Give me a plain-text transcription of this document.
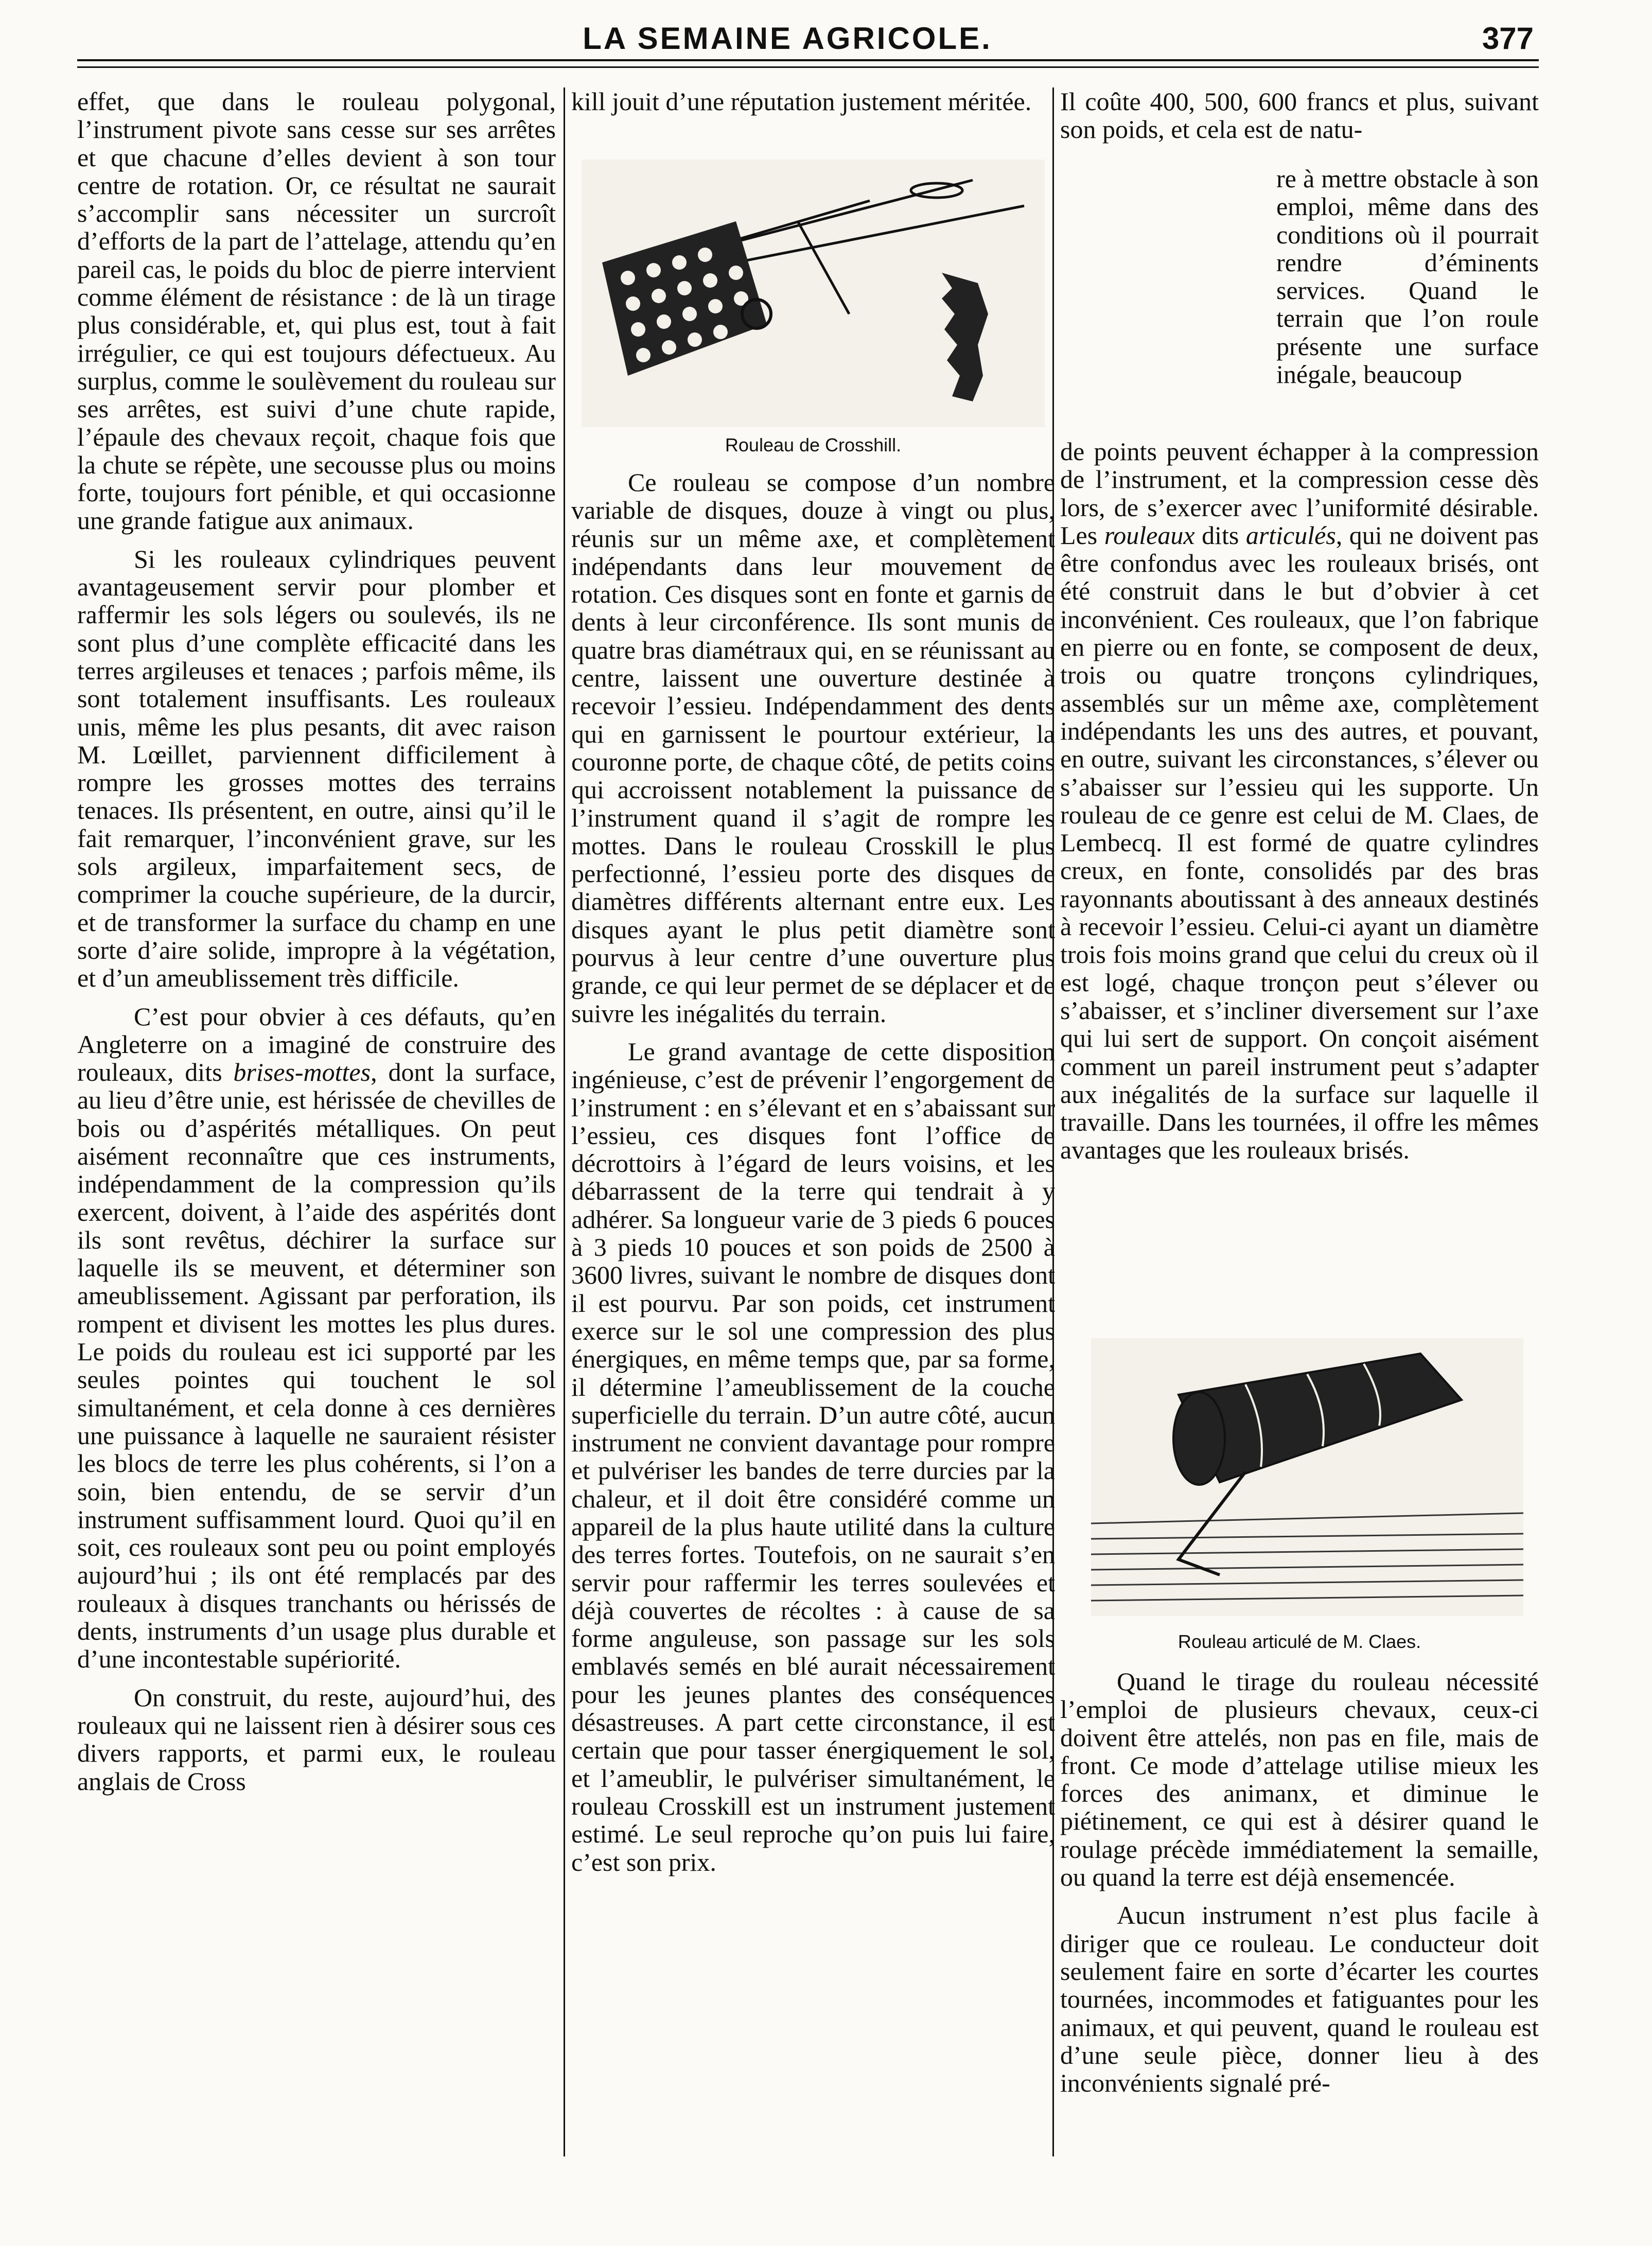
LA SEMAINE AGRICOLE.	377

effet, que dans le rouleau polygonal, l’instrument pivote sans cesse sur ses arrêtes et que chacune d’elles devient à son tour centre de rotation. Or, ce résultat ne saurait s’accomplir sans nécessiter un surcroît d’efforts de la part de l’attelage, attendu qu’en pareil cas, le poids du bloc de pierre intervient comme élément de résistance : de là un tirage plus considérable, et, qui plus est, tout à fait irrégulier, ce qui est toujours défectueux. Au surplus, comme le soulèvement du rouleau sur ses arrêtes, est suivi d’une chute rapide, l’épaule des chevaux reçoit, chaque fois que la chute se répète, une secousse plus ou moins forte, toujours fort pénible, et qui occasionne une grande fatigue aux animaux.

Si les rouleaux cylindriques peuvent avantageusement servir pour plomber et raffermir les sols légers ou soulevés, ils ne sont plus d’une complète efficacité dans les terres argileuses et tenaces ; parfois même, ils sont totalement insuffisants. Les rouleaux unis, même les plus pesants, dit avec raison M. Lœillet, parviennent difficilement à rompre les grosses mottes des terrains tenaces. Ils présentent, en outre, ainsi qu’il le fait remarquer, l’inconvénient grave, sur les sols argileux, imparfaitement secs, de comprimer la couche supérieure, de la durcir, et de transformer la surface du champ en une sorte d’aire solide, impropre à la végétation, et d’un ameublissement très difficile.

C’est pour obvier à ces défauts, qu’en Angleterre on a imaginé de construire des rouleaux, dits brises-mottes, dont la surface, au lieu d’être unie, est hérissée de chevilles de bois ou d’aspérités métalliques. On peut aisément reconnaître que ces instruments, indépendamment de la compression qu’ils exercent, doivent, à l’aide des aspérités dont ils sont revêtus, déchirer la surface sur laquelle ils se meuvent, et déterminer son ameublissement. Agissant par perforation, ils rompent et divisent les mottes les plus dures. Le poids du rouleau est ici supporté par les seules pointes qui touchent le sol simultanément, et cela donne à ces dernières une puissance à laquelle ne sauraient résister les blocs de terre les plus cohérents, si l’on a soin, bien entendu, de se servir d’un instrument suffisamment lourd. Quoi qu’il en soit, ces rouleaux sont peu ou point employés aujourd’hui ; ils ont été remplacés par des rouleaux à disques tranchants ou hérissés de dents, instruments d’un usage plus durable et d’une incontestable supériorité.

On construit, du reste, aujourd’hui, des rouleaux qui ne laissent rien à désirer sous ces divers rapports, et parmi eux, le rouleau anglais de Cross

kill jouit d’une réputation justement méritée.

Rouleau de Crosshill.

Ce rouleau se compose d’un nombre variable de disques, douze à vingt ou plus, réunis sur un même axe, et complètement indépendants dans leur mouvement de rotation. Ces disques sont en fonte et garnis de dents à leur circonférence. Ils sont munis de quatre bras diamétraux qui, en se réunissant au centre, laissent une ouverture destinée à recevoir l’essieu. Indépendamment des dents qui en garnissent le pourtour extérieur, la couronne porte, de chaque côté, de petits coins qui accroissent notablement la puissance de l’instrument quand il s’agit de rompre les mottes. Dans le rouleau Crosskill le plus perfectionné, l’essieu porte des disques de diamètres différents alternant entre eux. Les disques ayant le plus petit diamètre sont pourvus à leur centre d’une ouverture plus grande, ce qui leur permet de se déplacer et de suivre les inégalités du terrain.

Le grand avantage de cette disposition ingénieuse, c’est de prévenir l’engorgement de l’instrument : en s’élevant et en s’abaissant sur l’essieu, ces disques font l’office de décrottoirs à l’égard de leurs voisins, et les débarrassent de la terre qui tendrait à y adhérer. Sa longueur varie de 3 pieds 6 pouces à 3 pieds 10 pouces et son poids de 2500 à 3600 livres, suivant le nombre de disques dont il est pourvu. Par son poids, cet instrument exerce sur le sol une compression des plus énergiques, en même temps que, par sa forme, il détermine l’ameublissement de la couche superficielle du terrain. D’un autre côté, aucun instrument ne convient davantage pour rompre et pulvériser les bandes de terre durcies par la chaleur, et il doit être considéré comme un appareil de la plus haute utilité dans la culture des terres fortes. Toutefois, on ne saurait s’en servir pour raffermir les terres soulevées et déjà couvertes de récoltes : à cause de sa forme anguleuse, son passage sur les sols emblavés semés en blé aurait nécessairement pour les jeunes plantes des conséquences désastreuses. A part cette circonstance, il est certain que pour tasser énergiquement le sol, et l’ameublir, le pulvériser simultanément, le rouleau Crosskill est un instrument justement estimé. Le seul reproche qu’on puis lui faire, c’est son prix.

Il coûte 400, 500, 600 francs et plus, suivant son poids, et cela est de natu-

re à mettre obstacle à son emploi, même dans des conditions où il pourrait rendre d’éminents services. Quand le terrain que l’on roule présente une surface inégale, beaucoup

de points peuvent échapper à la compression de l’instrument, et la compression cesse dès lors, de s’exercer avec l’uniformité désirable. Les rouleaux dits articulés, qui ne doivent pas être confondus avec les rouleaux brisés, ont été construit dans le but d’obvier à cet inconvénient. Ces rouleaux, que l’on fabrique en pierre ou en fonte, se composent de deux, trois ou quatre tronçons cylindriques, assemblés sur un même axe, complètement indépendants les uns des autres, et pouvant, en outre, suivant les circonstances, s’élever ou s’abaisser sur l’essieu qui les supporte. Un rouleau de ce genre est celui de M. Claes, de Lembecq. Il est formé de quatre cylindres creux, en fonte, consolidés par des bras rayonnants aboutissant à des anneaux destinés à recevoir l’essieu. Celui-ci ayant un diamètre trois fois moins grand que celui du creux où il est logé, chaque tronçon peut s’élever ou s’abaisser, et s’incliner diversement sur l’axe qui lui sert de support. On conçoit aisément comment un pareil instrument peut s’adapter aux inégalités de la surface sur laquelle il travaille. Dans les tournées, il offre les mêmes avantages que les rouleaux brisés.

Rouleau articulé de M. Claes.

Quand le tirage du rouleau nécessité l’emploi de plusieurs chevaux, ceux-ci doivent être attelés, non pas en file, mais de front. Ce mode d’attelage utilise mieux les forces des animanx, et diminue le piétinement, ce qui est à désirer quand le roulage précède immédiatement la semaille, ou quand la terre est déjà ensemencée.

Aucun instrument n’est plus facile à diriger que ce rouleau. Le conducteur doit seulement faire en sorte d’écarter les courtes tournées, incommodes et fatiguantes pour les animaux, et qui peuvent, quand le rouleau est d’une seule pièce, donner lieu à des inconvénients signalé pré-
